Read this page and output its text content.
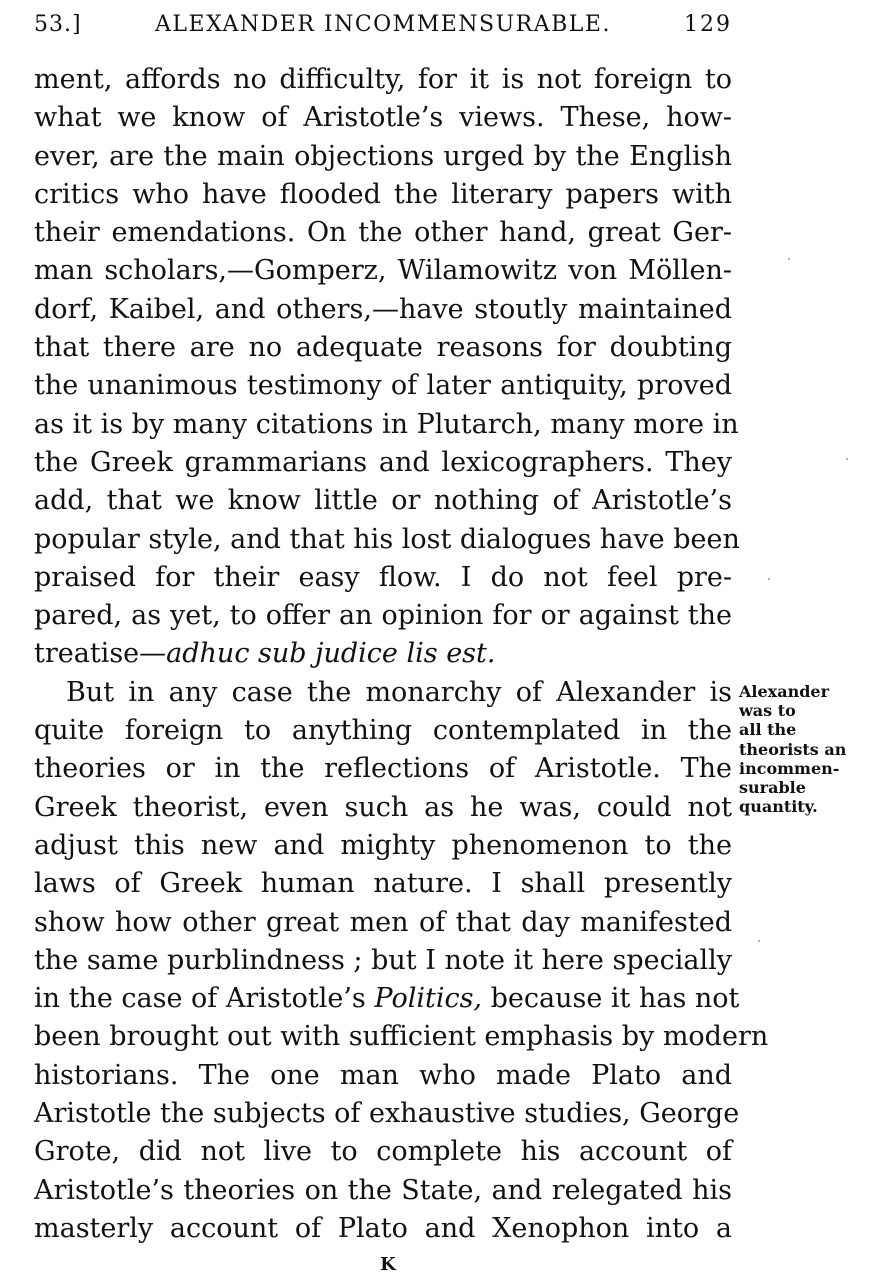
53.]	ALEXANDER INCOMMENSURABLE.	129
ment, affords no difficulty, for it is not foreign to
what we know of Aristotle’s views. These, how-
ever, are the main objections urged by the English
critics who have flooded the literary papers with
their emendations. On the other hand, great Ger-
man scholars,—Gomperz, Wilamowitz von Möllen-
dorf, Kaibel, and others,—have stoutly maintained
that there are no adequate reasons for doubting
the unanimous testimony of later antiquity, proved
as it is by many citations in Plutarch, many more in
the Greek grammarians and lexicographers. They
add, that we know little or nothing of Aristotle’s
popular style, and that his lost dialogues have been
praised for their easy flow. I do not feel pre-
pared, as yet, to offer an opinion for or against the
treatise—adhuc sub judice lis est.
But in any case the monarchy of Alexander is
quite foreign to anything contemplated in the
theories or in the reflections of Aristotle. The
Greek theorist, even such as he was, could not
adjust this new and mighty phenomenon to the
laws of Greek human nature. I shall presently
show how other great men of that day manifested
the same purblindness ; but I note it here specially
in the case of Aristotle’s Politics, because it has not
been brought out with sufficient emphasis by modern
historians. The one man who made Plato and
Aristotle the subjects of exhaustive studies, George
Grote, did not live to complete his account of
Aristotle’s theories on the State, and relegated his
masterly account of Plato and Xenophon into a
Alexander
was to
all the
theorists an
incommen-
surable
quantity.
K
